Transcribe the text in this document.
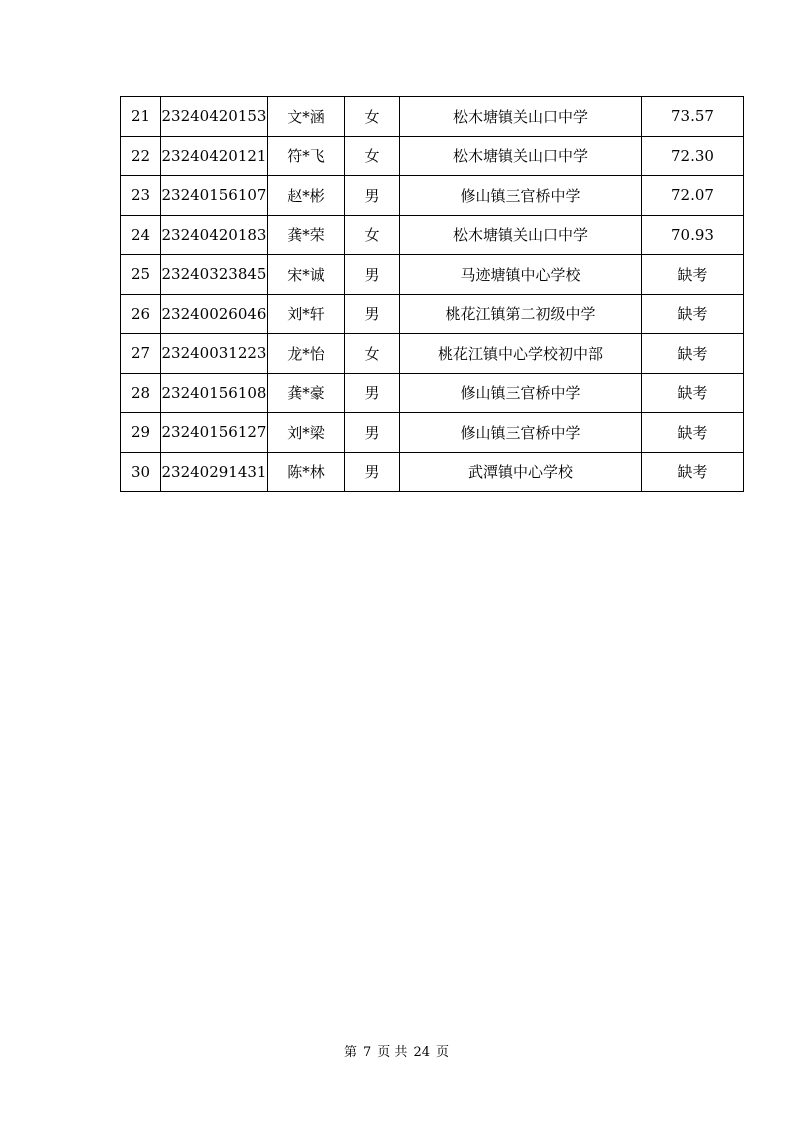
21	23240420153	文*涵	女	松木塘镇关山口中学	73.57
22	23240420121	符*飞	女	松木塘镇关山口中学	72.30
23	23240156107	赵*彬	男	修山镇三官桥中学	72.07
24	23240420183	龚*荣	女	松木塘镇关山口中学	70.93
25	23240323845	宋*诚	男	马迹塘镇中心学校	缺考
26	23240026046	刘*轩	男	桃花江镇第二初级中学	缺考
27	23240031223	龙*怡	女	桃花江镇中心学校初中部	缺考
28	23240156108	龚*豪	男	修山镇三官桥中学	缺考
29	23240156127	刘*梁	男	修山镇三官桥中学	缺考
30	23240291431	陈*林	男	武潭镇中心学校	缺考
第 7 页 共 24 页
